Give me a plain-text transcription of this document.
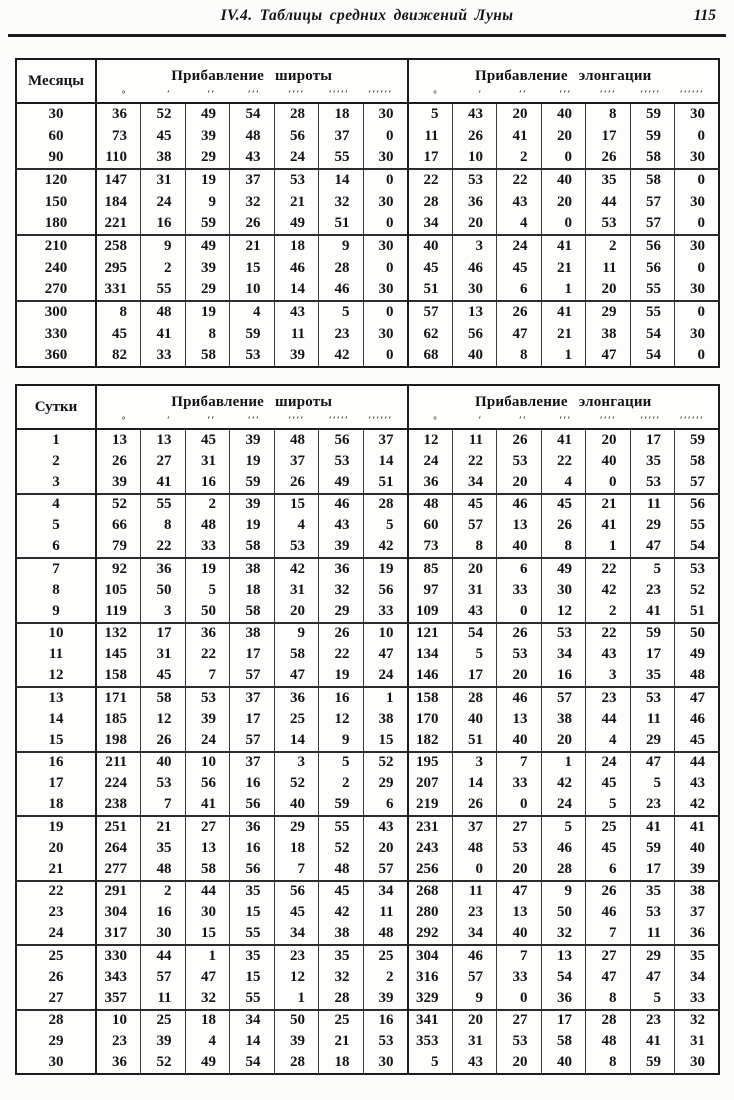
IV.4. Таблицы средних движений Луны	115
Месяцы	Прибавление широты							Прибавление элонгации						
	°	′	′′	′′′	′′′′	′′′′′	′′′′′′	°	′	′′	′′′	′′′′	′′′′′	′′′′′′
30	36	52	49	54	28	18	30	5	43	20	40	8	59	30
60	73	45	39	48	56	37	0	11	26	41	20	17	59	0
90	110	38	29	43	24	55	30	17	10	2	0	26	58	30
120	147	31	19	37	53	14	0	22	53	22	40	35	58	0
150	184	24	9	32	21	32	30	28	36	43	20	44	57	30
180	221	16	59	26	49	51	0	34	20	4	0	53	57	0
210	258	9	49	21	18	9	30	40	3	24	41	2	56	30
240	295	2	39	15	46	28	0	45	46	45	21	11	56	0
270	331	55	29	10	14	46	30	51	30	6	1	20	55	30
300	8	48	19	4	43	5	0	57	13	26	41	29	55	0
330	45	41	8	59	11	23	30	62	56	47	21	38	54	30
360	82	33	58	53	39	42	0	68	40	8	1	47	54	0
Сутки	Прибавление широты							Прибавление элонгации						
	°	′	′′	′′′	′′′′	′′′′′	′′′′′′	°	′	′′	′′′	′′′′	′′′′′	′′′′′′
1	13	13	45	39	48	56	37	12	11	26	41	20	17	59
2	26	27	31	19	37	53	14	24	22	53	22	40	35	58
3	39	41	16	59	26	49	51	36	34	20	4	0	53	57
4	52	55	2	39	15	46	28	48	45	46	45	21	11	56
5	66	8	48	19	4	43	5	60	57	13	26	41	29	55
6	79	22	33	58	53	39	42	73	8	40	8	1	47	54
7	92	36	19	38	42	36	19	85	20	6	49	22	5	53
8	105	50	5	18	31	32	56	97	31	33	30	42	23	52
9	119	3	50	58	20	29	33	109	43	0	12	2	41	51
10	132	17	36	38	9	26	10	121	54	26	53	22	59	50
11	145	31	22	17	58	22	47	134	5	53	34	43	17	49
12	158	45	7	57	47	19	24	146	17	20	16	3	35	48
13	171	58	53	37	36	16	1	158	28	46	57	23	53	47
14	185	12	39	17	25	12	38	170	40	13	38	44	11	46
15	198	26	24	57	14	9	15	182	51	40	20	4	29	45
16	211	40	10	37	3	5	52	195	3	7	1	24	47	44
17	224	53	56	16	52	2	29	207	14	33	42	45	5	43
18	238	7	41	56	40	59	6	219	26	0	24	5	23	42
19	251	21	27	36	29	55	43	231	37	27	5	25	41	41
20	264	35	13	16	18	52	20	243	48	53	46	45	59	40
21	277	48	58	56	7	48	57	256	0	20	28	6	17	39
22	291	2	44	35	56	45	34	268	11	47	9	26	35	38
23	304	16	30	15	45	42	11	280	23	13	50	46	53	37
24	317	30	15	55	34	38	48	292	34	40	32	7	11	36
25	330	44	1	35	23	35	25	304	46	7	13	27	29	35
26	343	57	47	15	12	32	2	316	57	33	54	47	47	34
27	357	11	32	55	1	28	39	329	9	0	36	8	5	33
28	10	25	18	34	50	25	16	341	20	27	17	28	23	32
29	23	39	4	14	39	21	53	353	31	53	58	48	41	31
30	36	52	49	54	28	18	30	5	43	20	40	8	59	30
